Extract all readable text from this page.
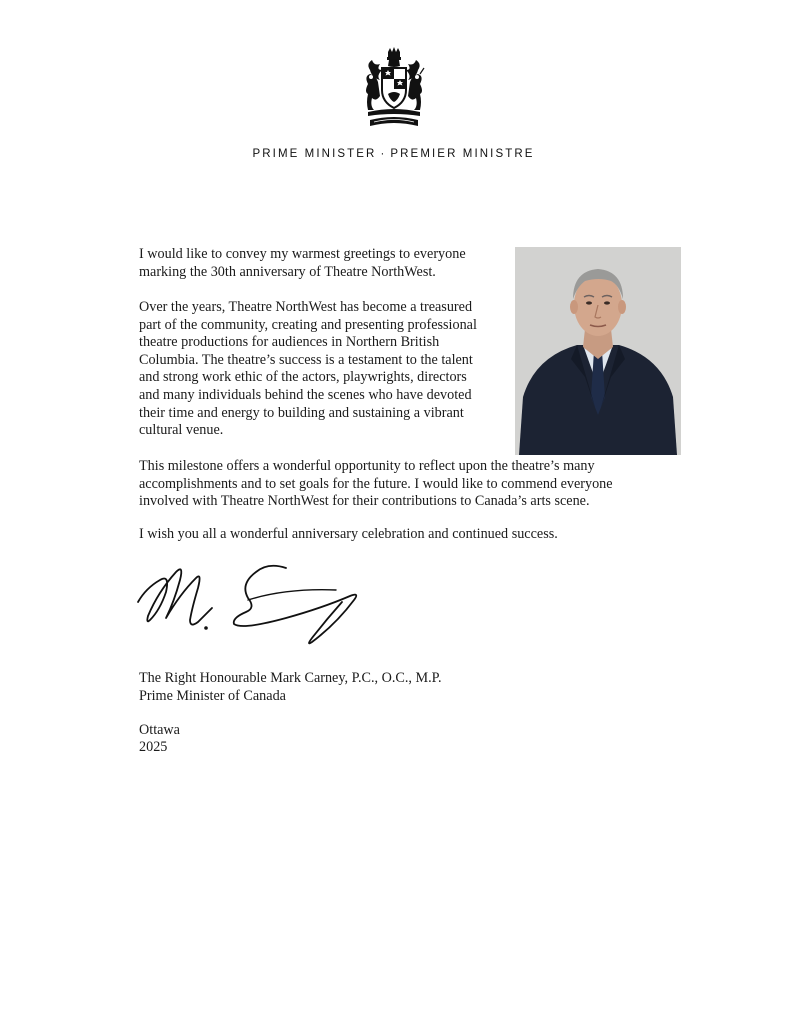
PRIME MINISTER · PREMIER MINISTRE
I would like to convey my warmest greetings to everyone
marking the 30th anniversary of Theatre NorthWest.
Over the years, Theatre NorthWest has become a treasured
part of the community, creating and presenting professional
theatre productions for audiences in Northern British
Columbia. The theatre’s success is a testament to the talent
and strong work ethic of the actors, playwrights, directors
and many individuals behind the scenes who have devoted
their time and energy to building and sustaining a vibrant
cultural venue.
This milestone offers a wonderful opportunity to reflect upon the theatre’s many
accomplishments and to set goals for the future. I would like to commend everyone
involved with Theatre NorthWest for their contributions to Canada’s arts scene.
I wish you all a wonderful anniversary celebration and continued success.
The Right Honourable Mark Carney, P.C., O.C., M.P.
Prime Minister of Canada
Ottawa
2025
